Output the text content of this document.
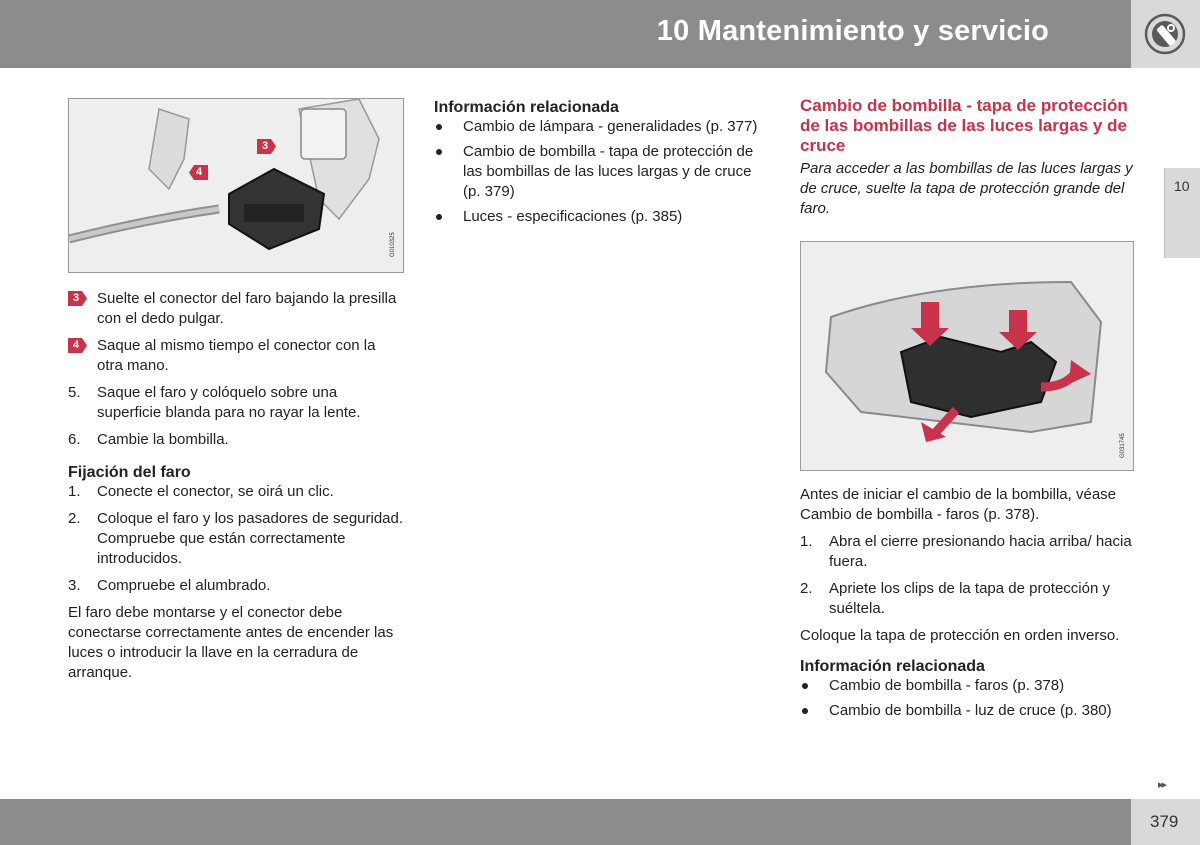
10 Mantenimiento y servicio
10
3
4
G010325
3 Suelte el conector del faro bajando la presilla con el dedo pulgar.
4 Saque al mismo tiempo el conector con la otra mano.
5. Saque el faro y colóquelo sobre una superficie blanda para no rayar la lente.
6. Cambie la bombilla.
Fijación del faro
1. Conecte el conector, se oirá un clic.
2. Coloque el faro y los pasadores de seguridad. Compruebe que están correctamente introducidos.
3. Compruebe el alumbrado.

El faro debe montarse y el conector debe conectarse correctamente antes de encender las luces o introducir la llave en la cerradura de arranque.

Información relacionada
Cambio de lámpara - generalidades (p. 377)
Cambio de bombilla - tapa de protección de las bombillas de las luces largas y de cruce (p. 379)
Luces - especificaciones (p. 385)
Cambio de bombilla - tapa de protección de las bombillas de las luces largas y de cruce

Para acceder a las bombillas de las luces largas y de cruce, suelte la tapa de protección grande del faro.

G031745

Antes de iniciar el cambio de la bombilla, véase Cambio de bombilla - faros (p. 378).

1. Abra el cierre presionando hacia arriba/ hacia fuera.
2. Apriete los clips de la tapa de protección y suéltela.

Coloque la tapa de protección en orden inverso.

Información relacionada
Cambio de bombilla - faros (p. 378)
Cambio de bombilla - luz de cruce (p. 380)
▸▸
379
